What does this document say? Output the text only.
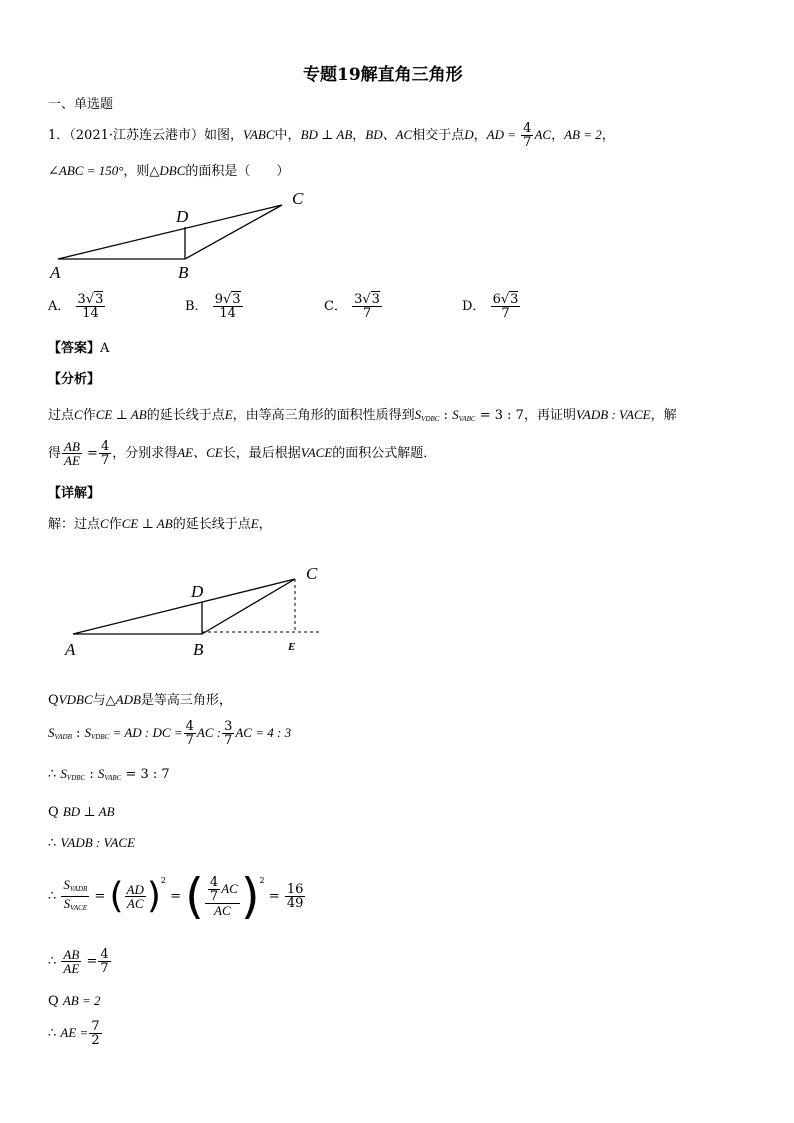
专题19解直角三角形
一、单选题
1．（2021·江苏连云港市）如图，VABC中，BD ⊥ AB，BD、AC相交于点D，AD = $\frac{4}{7}$ AC，AB = 2，
∠ABC = 150°，则△DBC的面积是（　　）
A	B
C
D
A． $\frac{3√3}{14}$	B． $\frac{9√3}{14}$	C． $\frac{3√3}{7}$	D． $\frac{6√3}{7}$
【答案】A
【分析】
过点C作CE ⊥ AB的延长线于点E，由等高三角形的面积性质得到$S_{VDBC}$ : $S_{VABC} = 3$ : 7，再证明VADB : VACE，解
得 $\frac{AB}{AE} = \frac{4}{7}$ ，分别求得AE、CE长，最后根据VACE的面积公式解题．
【详解】
解：过点C作CE ⊥ AB的延长线于点E，
A	B
C
D
E
QVDBC与△ADB是等高三角形，
$S_{VADB}$ : $S_{VDBC}$ = AD : DC = $\frac{4}{7}$ AC : $\frac{3}{7}$ AC = 4 : 3
∴ $S_{VDBC}$ : $S_{VABC} = 3$ : 7
Q BD ⊥ AB
∴ VADB : VACE
∴ $\frac{S_{VADB}}{S_{VACE}}$ = ( $\frac{AD}{AC} )^2$ = ( $\frac{\frac{4}{7} AC}{AC} )^2 = \frac{16}{49}$
∴ $\frac{AB}{AE} = \frac{4}{7}$
Q AB = 2
∴ AE = $\frac{7}{2}$
